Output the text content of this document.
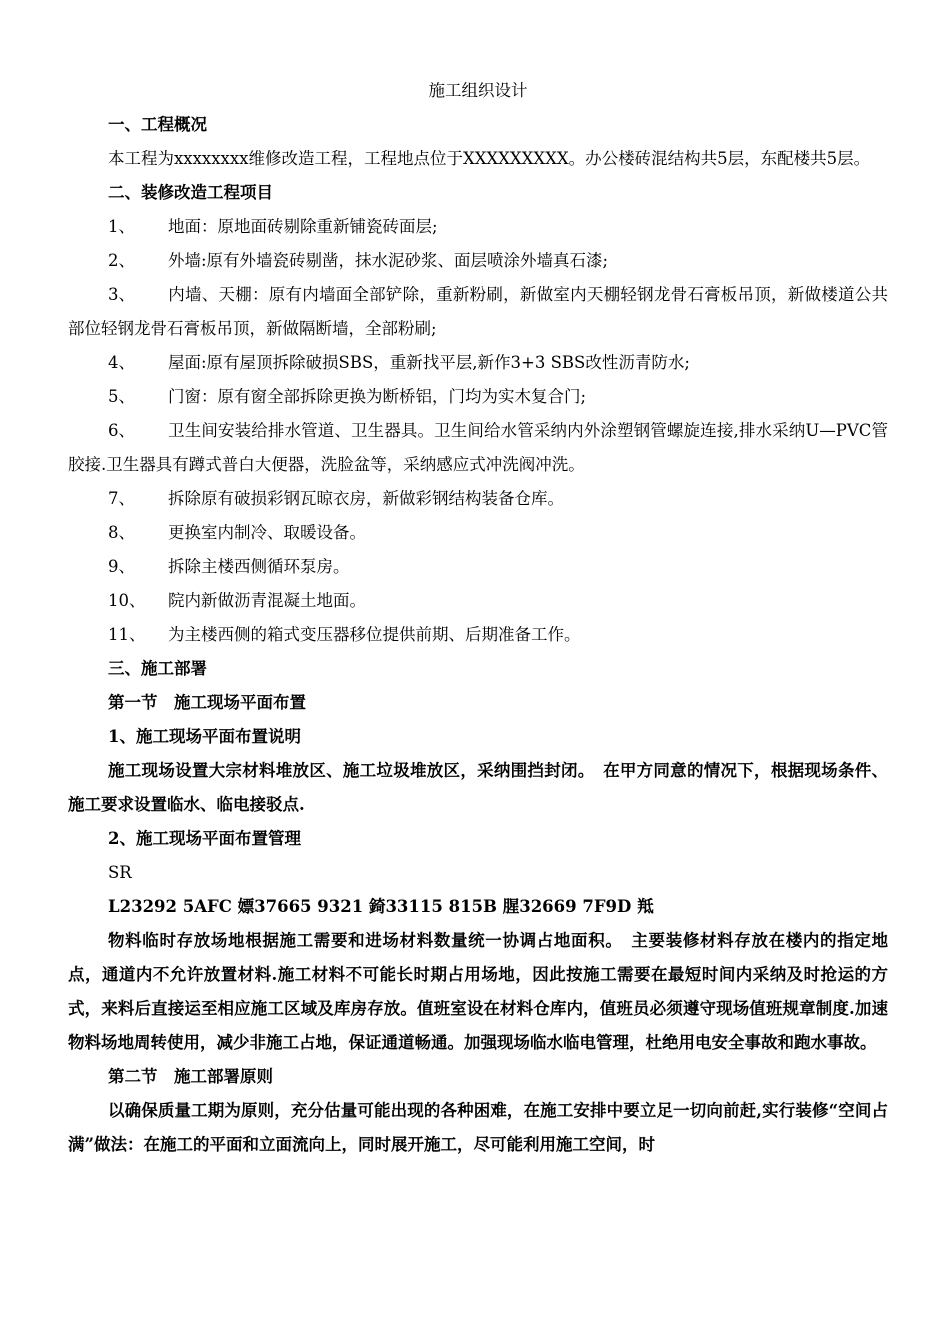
施工组织设计

一、工程概况

本工程为xxxxxxxx维修改造工程，工程地点位于XXXXXXXXX。办公楼砖混结构共5层，东配楼共5层。

二、装修改造工程项目

1、 地面：原地面砖剔除重新铺瓷砖面层;

2、 外墙:原有外墙瓷砖剔凿，抹水泥砂浆、面层喷涂外墙真石漆;

3、 内墙、天棚：原有内墙面全部铲除，重新粉刷，新做室内天棚轻钢龙骨石膏板吊顶，新做楼道公共部位轻钢龙骨石膏板吊顶，新做隔断墙，全部粉刷;

4、 屋面:原有屋顶拆除破损SBS，重新找平层,新作3+3 SBS改性沥青防水;

5、 门窗：原有窗全部拆除更换为断桥铝，门均为实木复合门;

6、 卫生间安装给排水管道、卫生器具。卫生间给水管采纳内外涂塑钢管螺旋连接,排水采纳U—PVC管胶接.卫生器具有蹲式普白大便器，洗脸盆等，采纳感应式冲洗阀冲洗。

7、 拆除原有破损彩钢瓦晾衣房，新做彩钢结构装备仓库。

8、 更换室内制冷、取暖设备。

9、 拆除主楼西侧循环泵房。

10、 院内新做沥青混凝土地面。

11、 为主楼西侧的箱式变压器移位提供前期、后期准备工作。

三、施工部署

第一节　施工现场平面布置

1、施工现场平面布置说明

施工现场设置大宗材料堆放区、施工垃圾堆放区，采纳围挡封闭。　在甲方同意的情况下，根据现场条件、施工要求设置临水、临电接驳点.

2、施工现场平面布置管理

SR

L23292 5AFC 嫖37665 9321 錡33115 815B 腥32669 7F9D 羝

物料临时存放场地根据施工需要和进场材料数量统一协调占地面积。　主要装修材料存放在楼内的指定地点，通道内不允许放置材料.施工材料不可能长时期占用场地，因此按施工需要在最短时间内采纳及时抢运的方式，来料后直接运至相应施工区域及库房存放。值班室设在材料仓库内，值班员必须遵守现场值班规章制度.加速物料场地周转使用，减少非施工占地，保证通道畅通。加强现场临水临电管理，杜绝用电安全事故和跑水事故。

第二节　施工部署原则

以确保质量工期为原则，充分估量可能出现的各种困难，在施工安排中要立足一切向前赶,实行装修“空间占满”做法：在施工的平面和立面流向上，同时展开施工，尽可能利用施工空间，时
